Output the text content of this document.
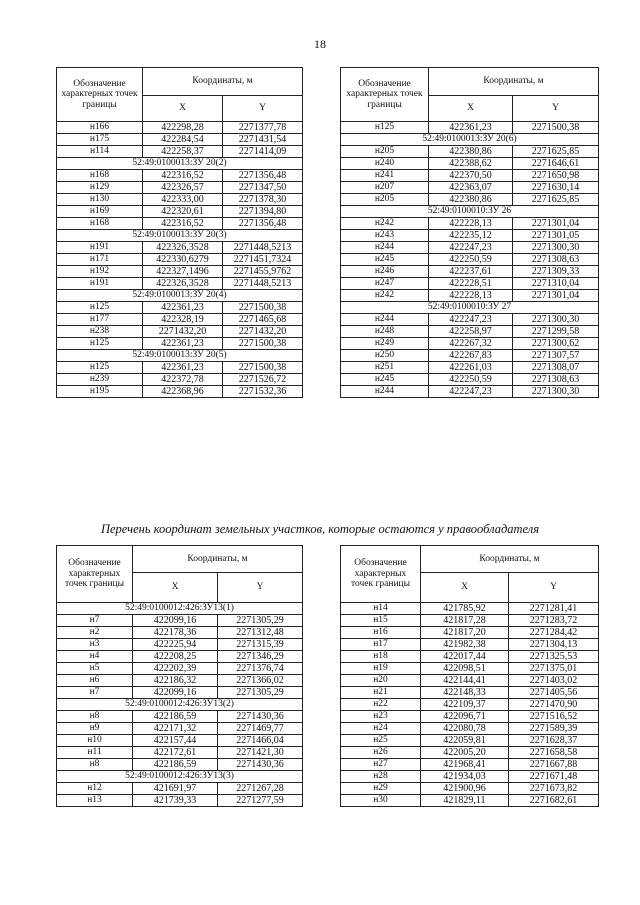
18
Обозначение характерных точек границы	Координаты, м	
	X	Y
н166	422298,28	2271377,78
н175	422284,54	2271431,54
н114	422258,37	2271414,09
52:49:0100013:ЗУ 20(2)		
н168	422316,52	2271356,48
н129	422326,57	2271347,50
н130	422333,00	2271378,30
н169	422320,61	2271394,80
н168	422316,52	2271356,48
52:49:0100013:ЗУ 20(3)		
н191	422326,3528	2271448,5213
н171	422330,6279	2271451,7324
н192	422327,1496	2271455,9762
н191	422326,3528	2271448,5213
52:49:0100013:ЗУ 20(4)		
н125	422361,23	2271500,38
н177	422328,19	2271465,68
н238	2271432,20	2271432,20
н125	422361,23	2271500,38
52:49:0100013:ЗУ 20(5)		
н125	422361,23	2271500,38
н239	422372,78	2271526,72
н195	422368,96	2271532,36
Обозначение характерных точек границы	Координаты, м	
	X	Y
н125	422361,23	2271500,38
52:49:0100013:ЗУ 20(6)		
н205	422380,86	2271625,85
н240	422388,62	2271646,61
н241	422370,50	2271650,98
н207	422363,07	2271630,14
н205	422380,86	2271625,85
52:49:0100010:ЗУ 26		
н242	422228,13	2271301,04
н243	422235,12	2271301,05
н244	422247,23	2271300,30
н245	422250,59	2271308,63
н246	422237,61	2271309,33
н247	422228,51	2271310,04
н242	422228,13	2271301,04
52:49:0100010:ЗУ 27		
н244	422247,23	2271300,30
н248	422258,97	2271299,58
н249	422267,32	2271300,62
н250	422267,83	2271307,57
н251	422261,03	2271308,07
н245	422250,59	2271308,63
н244	422247,23	2271300,30
Перечень координат земельных участков, которые остаются у правообладателя
Обозначение характерных точек границы	Координаты, м	
	X	Y
52:49:0100012:426:ЗУ13(1)		
н7	422099,16	2271305,29
н2	422178,36	2271312,48
н3	422225,94	2271315,39
н4	422208,25	2271346,29
н5	422202,39	2271376,74
н6	422186,32	2271366,02
н7	422099,16	2271305,29
52:49:0100012:426:ЗУ13(2)		
н8	422186,59	2271430,36
н9	422171,32	2271469,77
н10	422157,44	2271466,04
н11	422172,61	2271421,30
н8	422186,59	2271430,36
52:49:0100012:426:ЗУ13(3)		
н12	421691,97	2271267,28
н13	421739,33	2271277,59
Обозначение характерных точек границы	Координаты, м	
	X	Y
н14	421785,92	2271281,41
н15	421817,28	2271283,72
н16	421817,20	2271284,42
н17	421982,38	2271304,13
н18	422017,44	2271325,53
н19	422098,51	2271375,01
н20	422144,41	2271403,02
н21	422148,33	2271405,56
н22	422109,37	2271470,90
н23	422096,71	2271516,52
н24	422080,78	2271589,39
н25	422059,81	2271628,37
н26	422005,20	2271658,58
н27	421968,41	2271667,88
н28	421934,03	2271671,48
н29	421900,96	2271673,82
н30	421829,11	2271682,61
